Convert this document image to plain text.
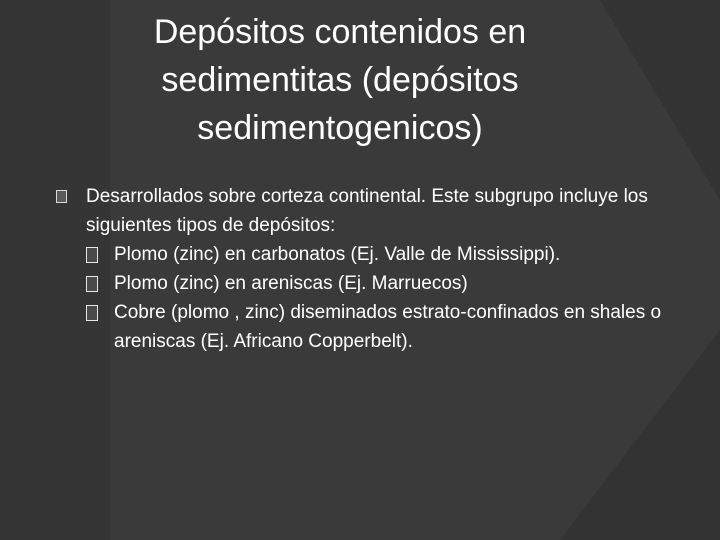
Depósitos contenidos en sedimentitas (depósitos sedimentogenicos)
Desarrollados sobre corteza continental. Este subgrupo incluye los siguientes tipos de depósitos:
Plomo (zinc) en carbonatos (Ej. Valle de Mississippi).
Plomo (zinc) en areniscas (Ej. Marruecos)
Cobre (plomo , zinc) diseminados estrato-confinados en shales o areniscas (Ej. Africano Copperbelt).
